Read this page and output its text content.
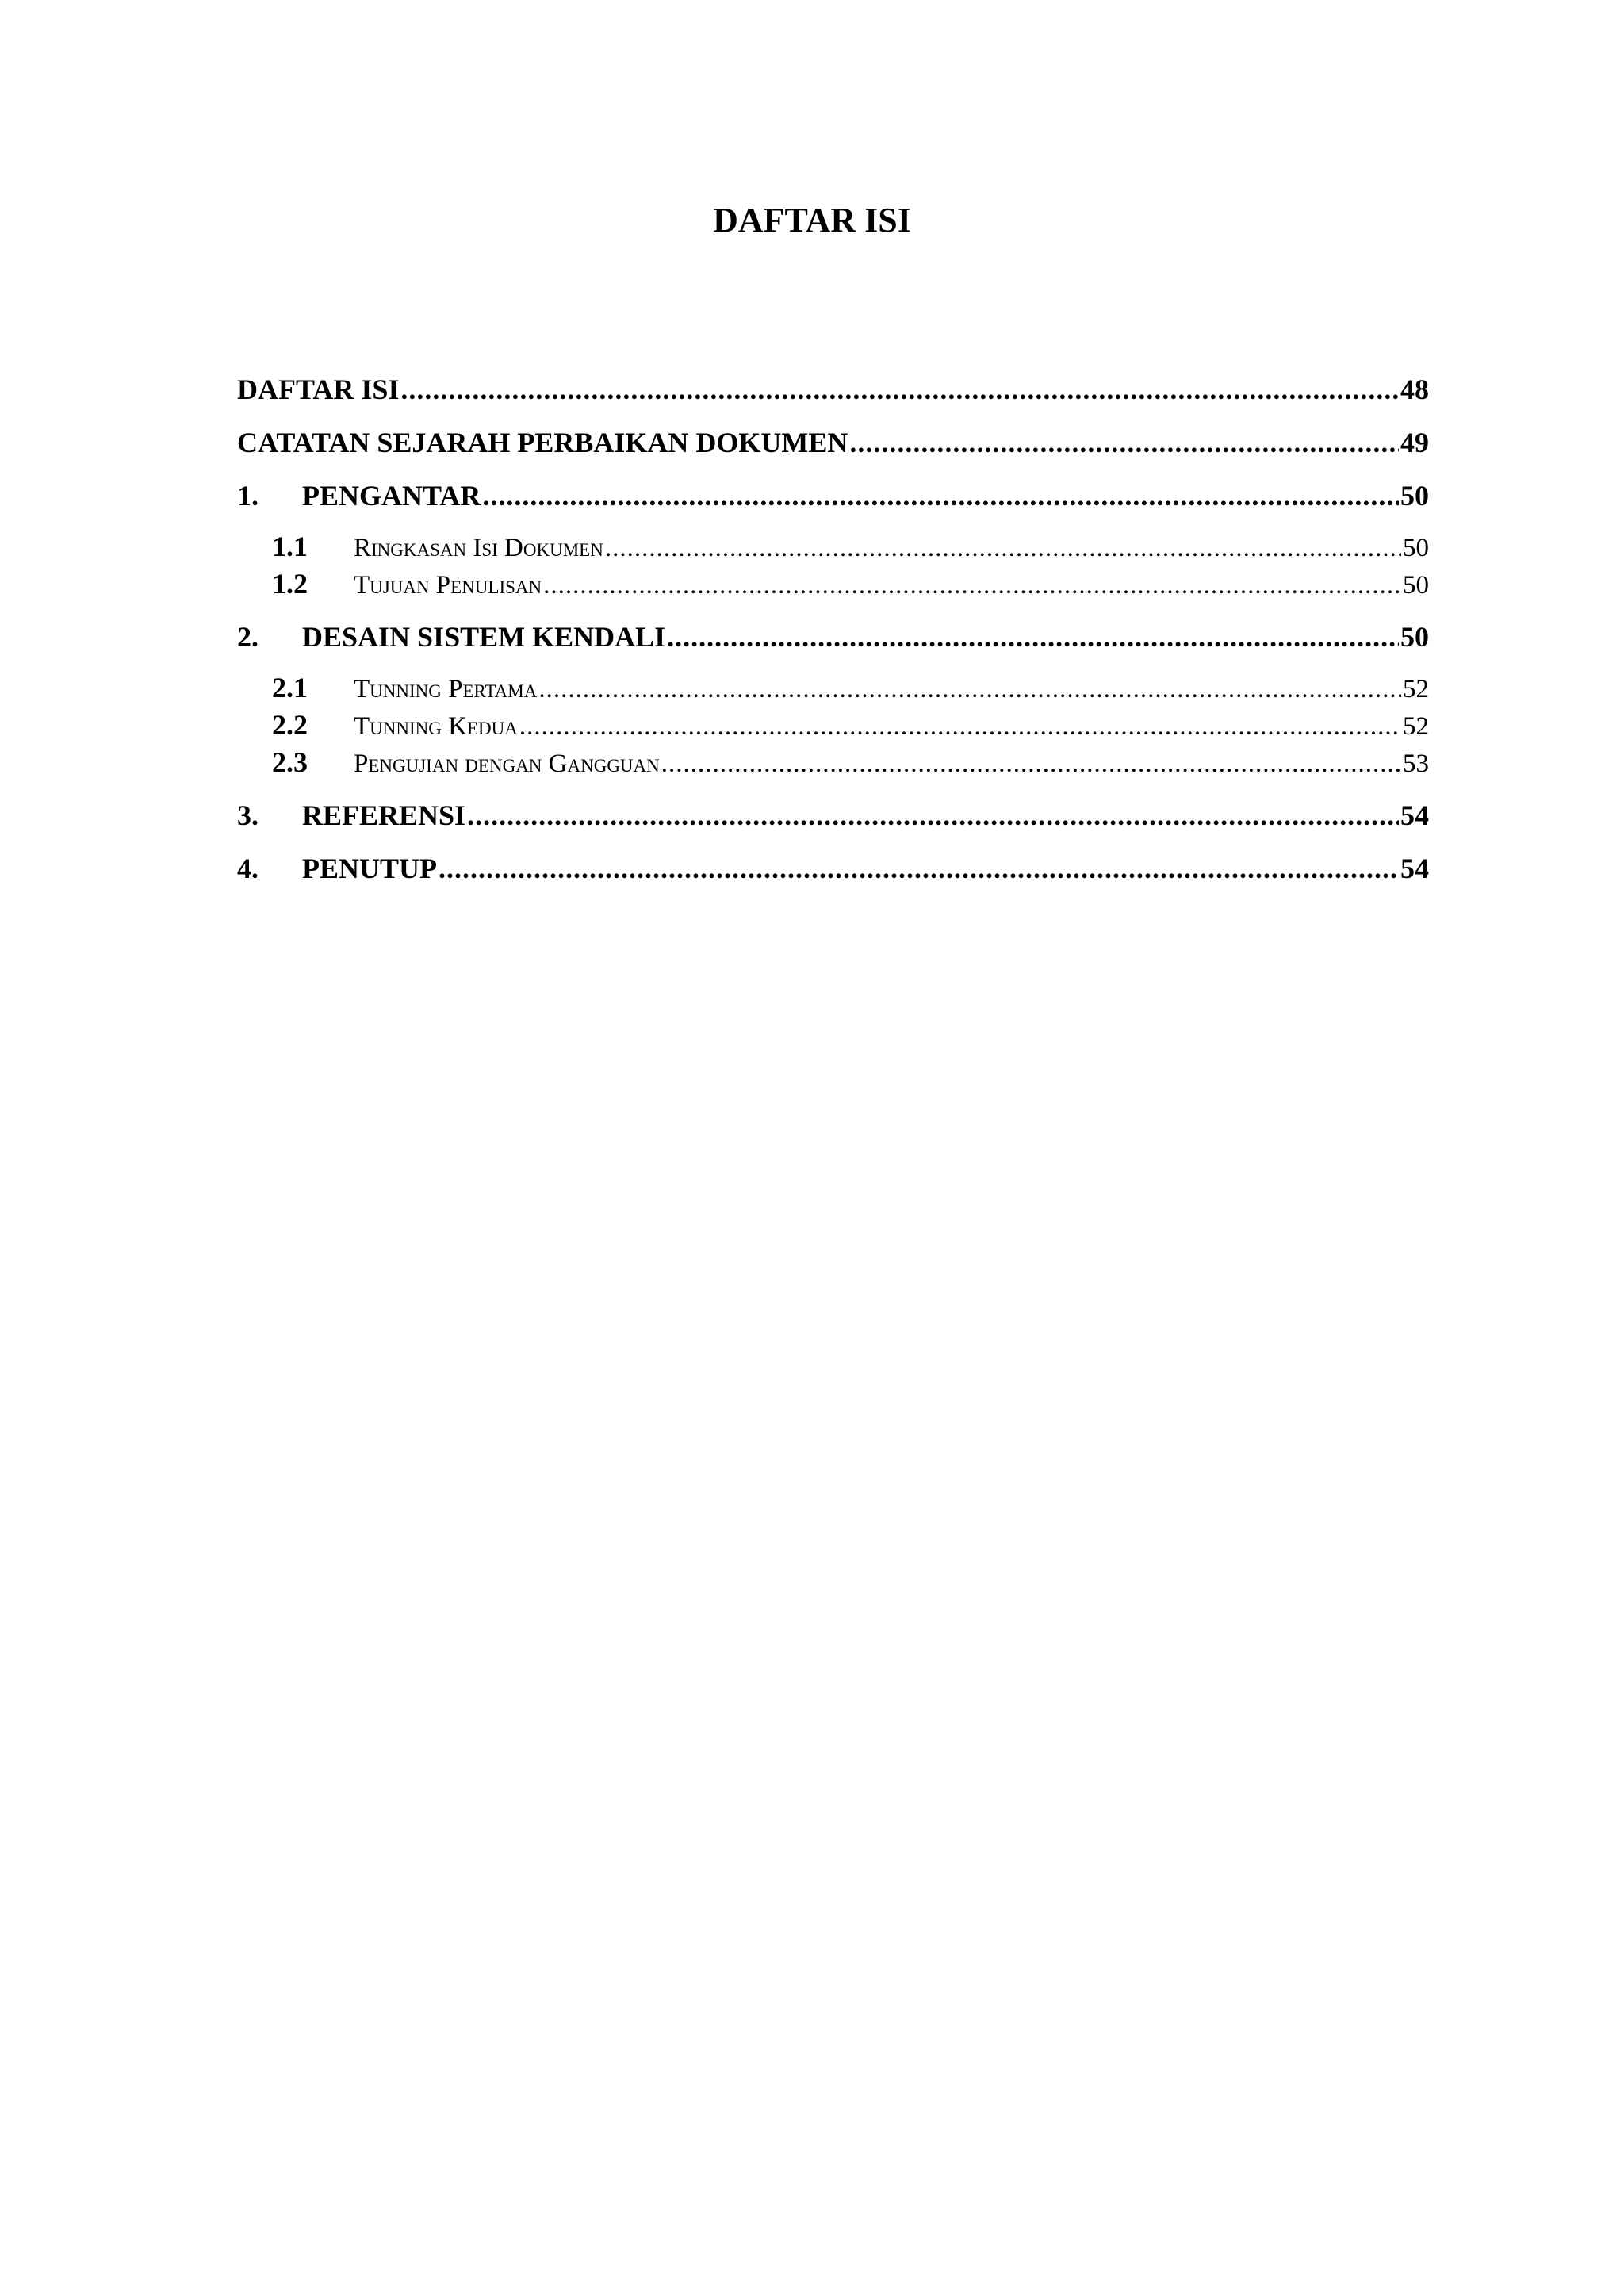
DAFTAR ISI
DAFTAR ISI .....	48
CATATAN SEJARAH PERBAIKAN DOKUMEN .....	49
1.	PENGANTAR .....	50
1.1	Ringkasan Isi Dokumen .....	50
1.2	Tujuan Penulisan .....	50
2.	DESAIN SISTEM KENDALI .....	50
2.1	Tunning Pertama .....	52
2.2	Tunning Kedua .....	52
2.3	Pengujian dengan Gangguan .....	53
3.	REFERENSI .....	54
4.	PENUTUP .....	54
